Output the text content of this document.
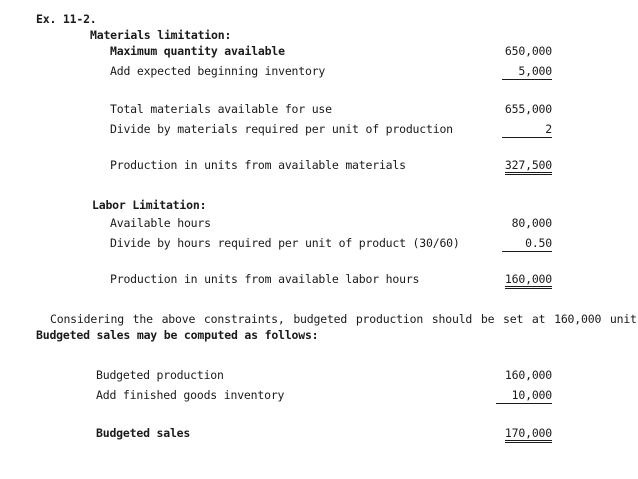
Ex. 11-2.
Materials limitation:
Maximum quantity available	650,000
Add expected beginning inventory	5,000
Total materials available for use	655,000
Divide by materials required per unit of production	2
Production in units from available materials	327,500
Labor Limitation:
Available hours	80,000
Divide by hours required per unit of product (30/60)	0.50
Production in units from available labor hours	160,000
Considering the above constraints, budgeted production should be set at 160,000 unit
Budgeted sales may be computed as follows:
Budgeted production	160,000
Add finished goods inventory	10,000
Budgeted sales	170,000
